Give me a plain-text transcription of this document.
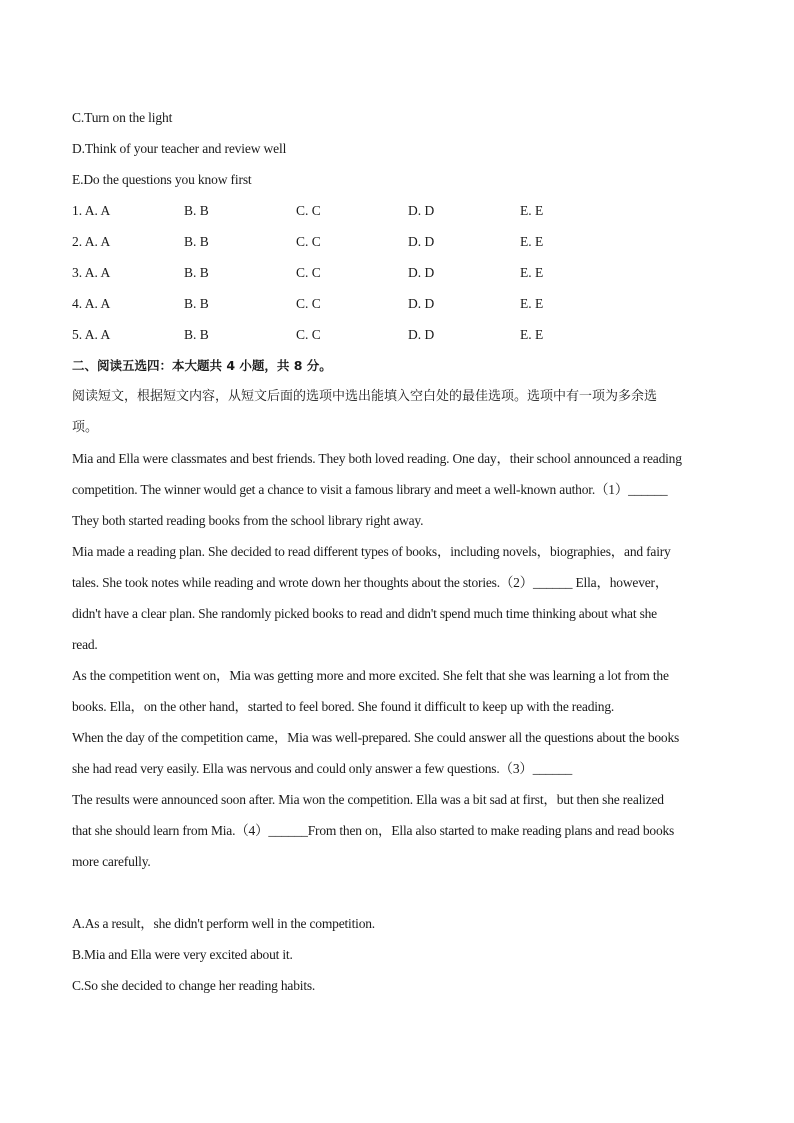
C.Turn on the light
D.Think of your teacher and review well
E.Do the questions you know first
1. A. A	B. B	C. C	D. D	E. E
2. A. A	B. B	C. C	D. D	E. E
3. A. A	B. B	C. C	D. D	E. E
4. A. A	B. B	C. C	D. D	E. E
5. A. A	B. B	C. C	D. D	E. E
二、阅读五选四：本大题共 4 小题，共 8 分。
阅读短文，根据短文内容，从短文后面的选项中选出能填入空白处的最佳选项。选项中有一项为多余选
项。
Mia and Ella were classmates and best friends. They both loved reading. One day，their school announced a reading
competition. The winner would get a chance to visit a famous library and meet a well-known author.（1）______
They both started reading books from the school library right away.
Mia made a reading plan. She decided to read different types of books，including novels，biographies，and fairy
tales. She took notes while reading and wrote down her thoughts about the stories.（2）______ Ella，however，
didn't have a clear plan. She randomly picked books to read and didn't spend much time thinking about what she
read.
As the competition went on，Mia was getting more and more excited. She felt that she was learning a lot from the
books. Ella，on the other hand，started to feel bored. She found it difficult to keep up with the reading.
When the day of the competition came，Mia was well-prepared. She could answer all the questions about the books
she had read very easily. Ella was nervous and could only answer a few questions.（3）______
The results were announced soon after. Mia won the competition. Ella was a bit sad at first，but then she realized
that she should learn from Mia.（4）______From then on，Ella also started to make reading plans and read books
more carefully.
A.As a result，she didn't perform well in the competition.
B.Mia and Ella were very excited about it.
C.So she decided to change her reading habits.
